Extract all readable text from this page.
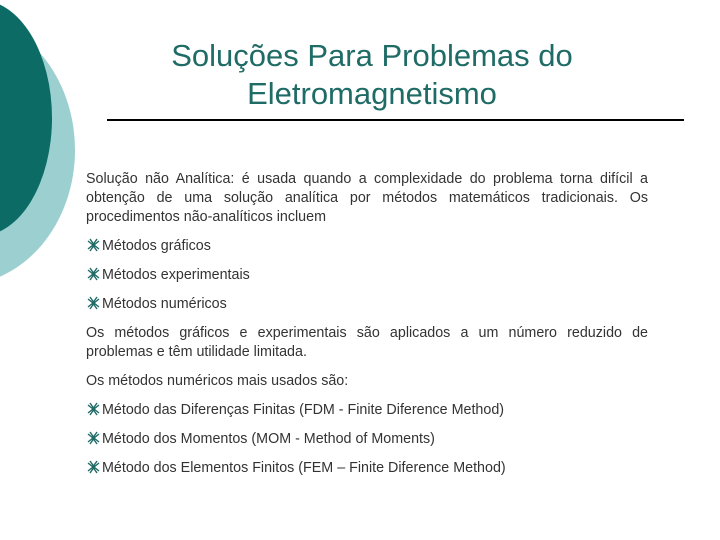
Soluções Para Problemas do
Eletromagnetismo

Solução não Analítica: é usada quando a complexidade do problema torna difícil a obtenção de uma solução analítica por métodos matemáticos tradicionais. Os procedimentos não-analíticos incluem

Métodos gráficos
Métodos experimentais
Métodos numéricos

Os métodos gráficos e experimentais são aplicados a um número reduzido de problemas e têm utilidade limitada.

Os métodos numéricos mais usados são:

Método das Diferenças Finitas (FDM - Finite Diference Method)
Método dos Momentos (MOM - Method of Moments)
Método dos Elementos Finitos (FEM – Finite Diference Method)
